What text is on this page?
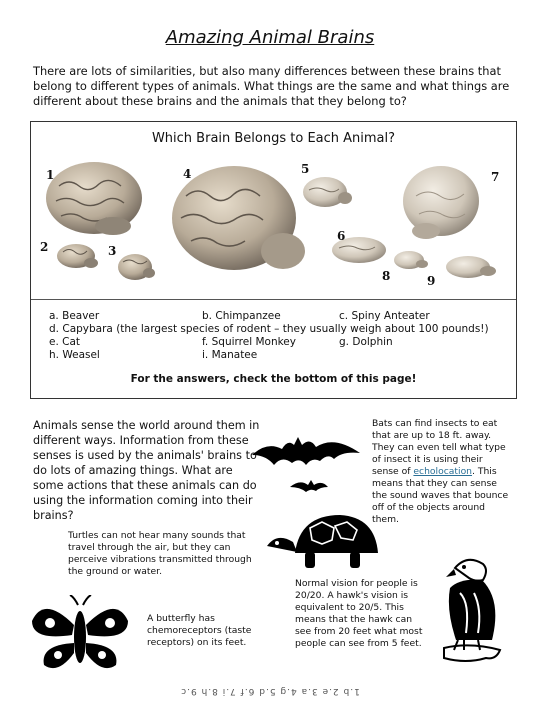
Amazing Animal Brains
There are lots of similarities, but also many differences between these brains that belong to different types of animals. What things are the same and what things are different about these brains and the animals that they belong to?
Which Brain Belongs to Each Animal?
1
2	3
4	5
6
7
8	9
a. Beaver	b. Chimpanzee	c. Spiny Anteater
d. Capybara (the largest species of rodent – they usually weigh about 100 pounds!)
e. Cat	f. Squirrel Monkey	g. Dolphin
h. Weasel	i. Manatee
For the answers, check the bottom of this page!
Animals sense the world around them in different ways. Information from these senses is used by the animals' brains to do lots of amazing things. What are some actions that these animals can do using the information coming into their brains?
Bats can find insects to eat that are up to 18 ft. away. They can even tell what type of insect it is using their sense of echolocation. This means that they can sense the sound waves that bounce off of the objects around them.
Turtles can not hear many sounds that travel through the air, but they can perceive vibrations transmitted through the ground or water.
A butterfly has chemoreceptors (taste receptors) on its feet.
Normal vision for people is 20/20. A hawk's vision is equivalent to 20/5. This means that the hawk can see from 20 feet what most people can see from 5 feet.
1.b 2.e 3.a 4.g 5.d 6.f 7.i 8.h 9.c
